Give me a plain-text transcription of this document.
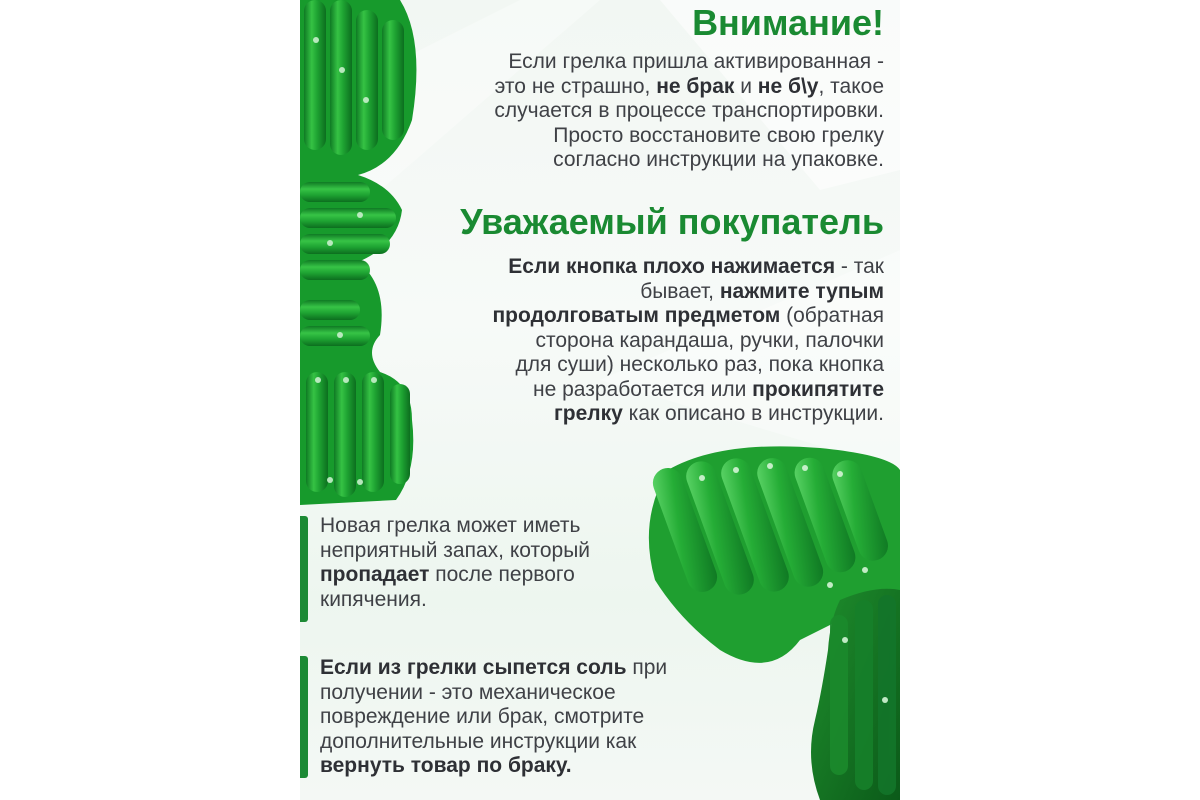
Внимание!
Если грелка пришла активированная -
это не страшно, не брак и не б\у, такое
случается в процессе транспортировки.
Просто восстановите свою грелку
согласно инструкции на упаковке.
Уважаемый покупатель
Если кнопка плохо нажимается - так
бывает, нажмите тупым
продолговатым предметом (обратная
сторона карандаша, ручки, палочки
для суши) несколько раз, пока кнопка
не разработается или прокипятите
грелку как описано в инструкции.
Новая грелка может иметь
неприятный запах, который
пропадает после первого
кипячения.
Если из грелки сыпется соль при
получении - это механическое
повреждение или брак, смотрите
дополнительные инструкции как
вернуть товар по браку.
